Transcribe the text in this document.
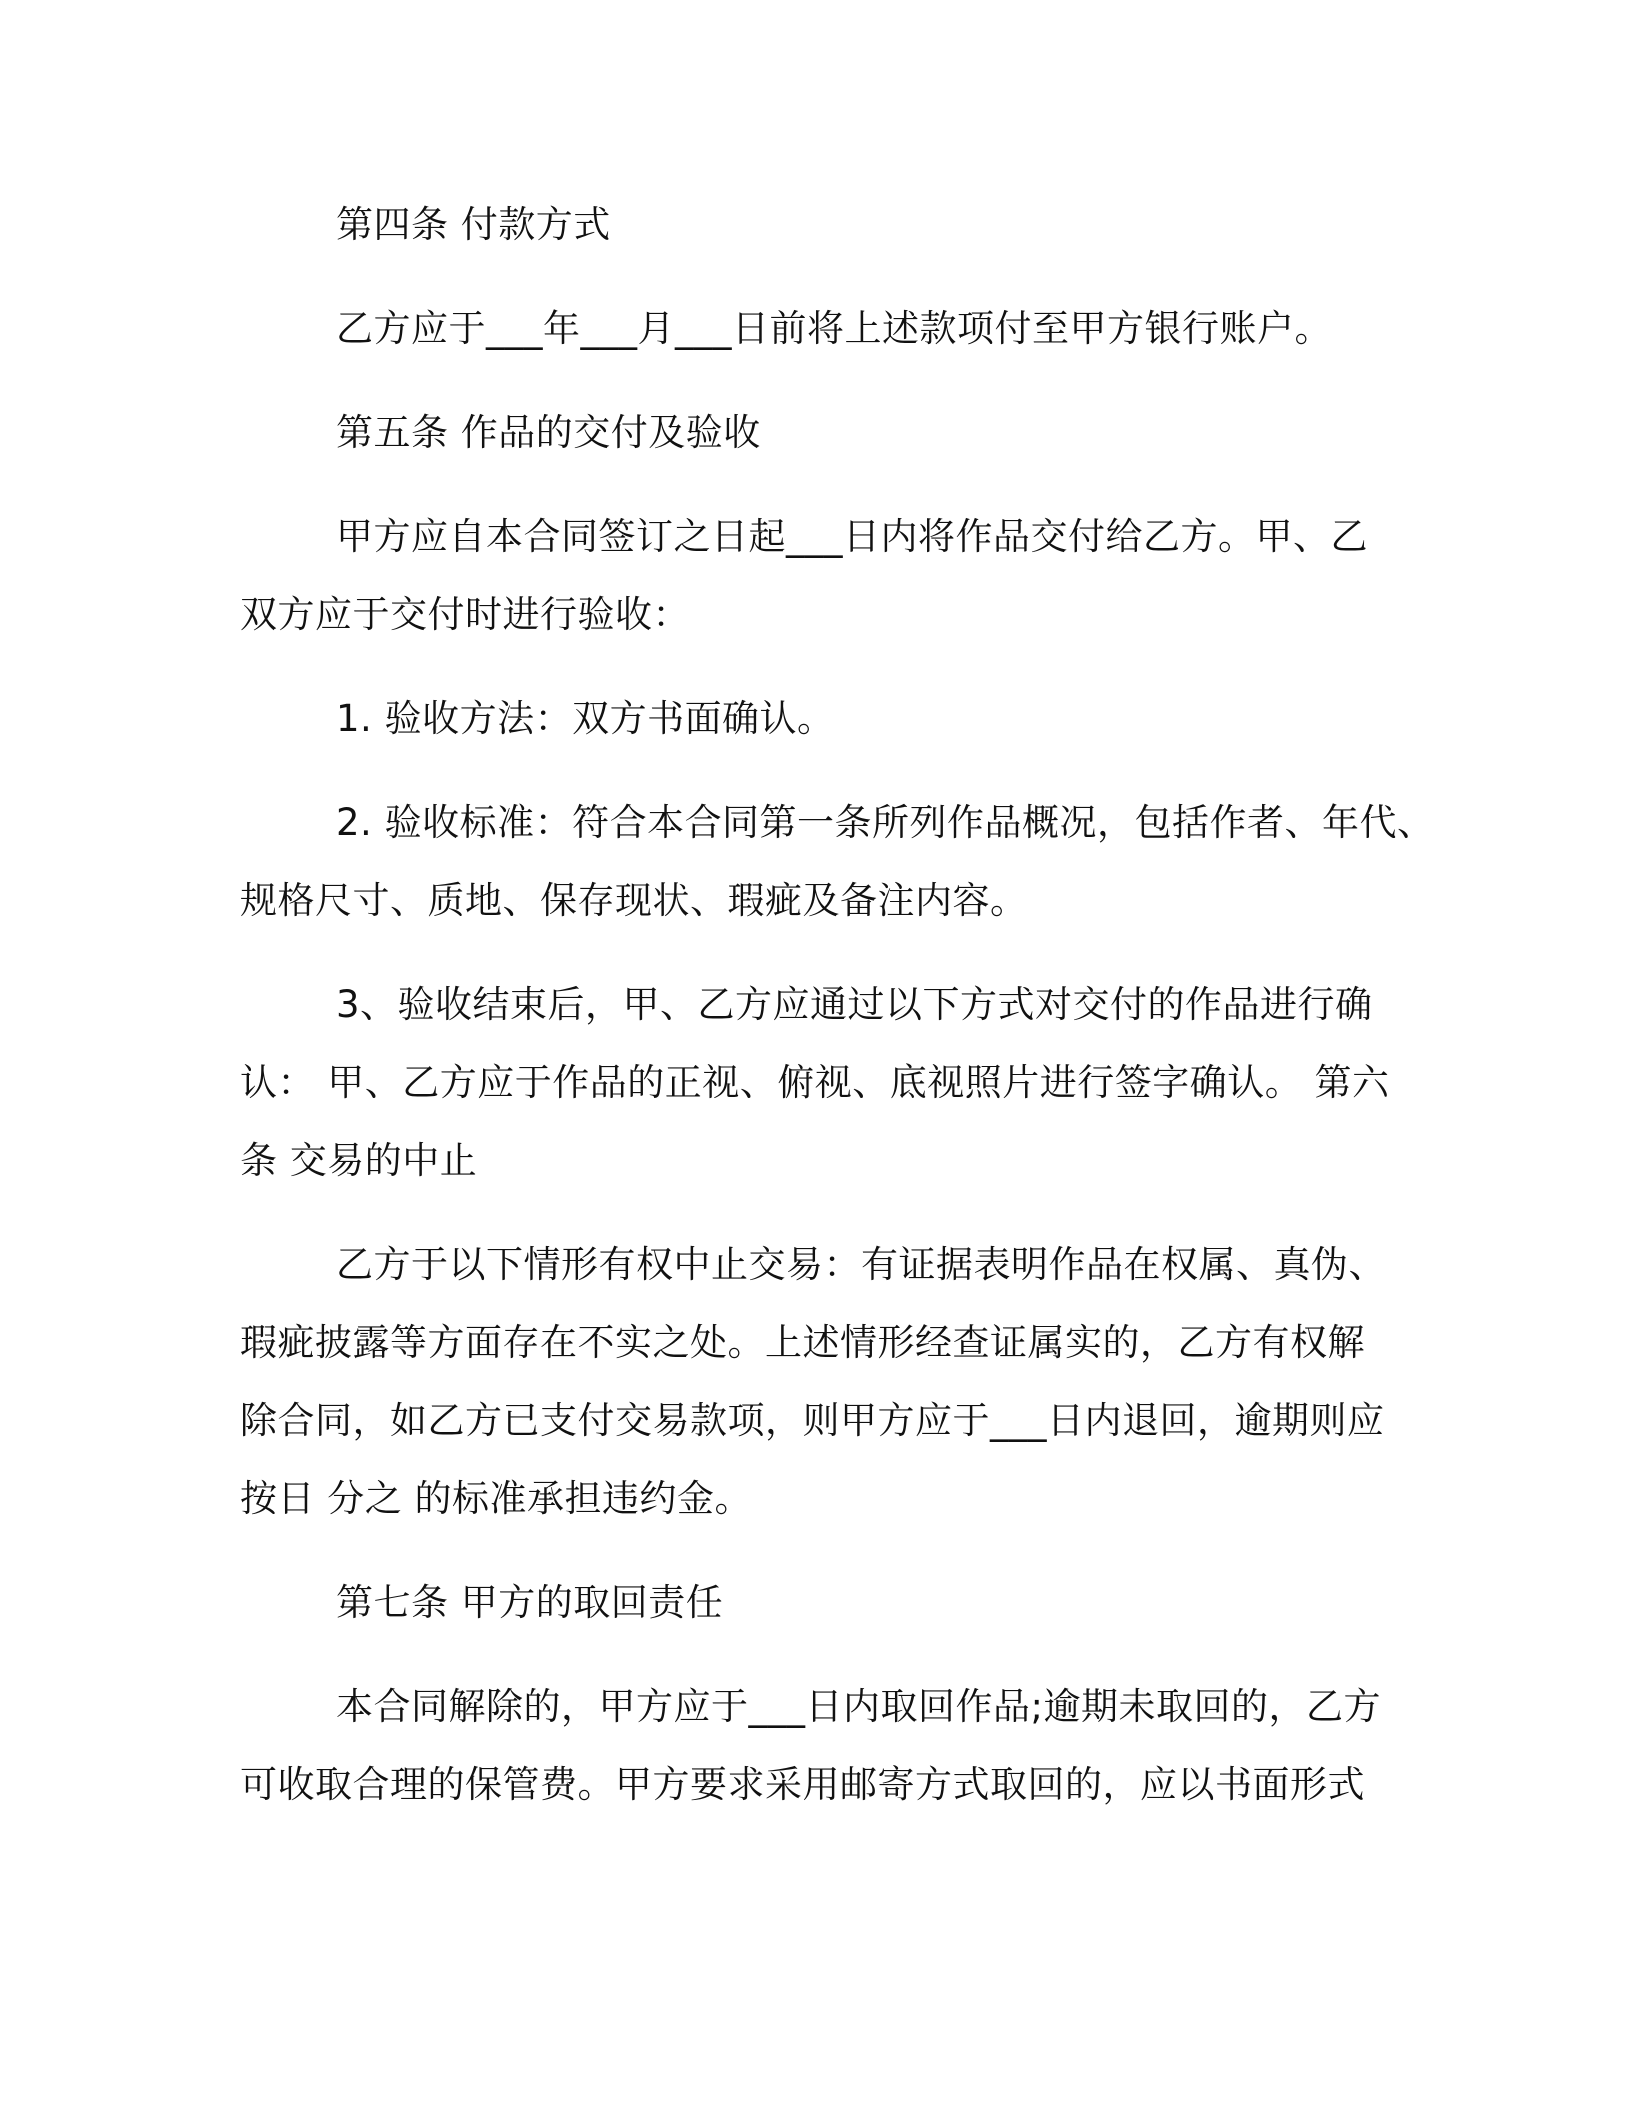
第四条 付款方式
乙方应于___年___月___日前将上述款项付至甲方银行账户。
第五条 作品的交付及验收
甲方应自本合同签订之日起___日内将作品交付给乙方。甲、乙
双方应于交付时进行验收：
1. 验收方法：双方书面确认。
2. 验收标准：符合本合同第一条所列作品概况，包括作者、年代、
规格尺寸、质地、保存现状、瑕疵及备注内容。
3、验收结束后，甲、乙方应通过以下方式对交付的作品进行确
认： 甲、乙方应于作品的正视、俯视、底视照片进行签字确认。 第六
条 交易的中止
乙方于以下情形有权中止交易：有证据表明作品在权属、真伪、
瑕疵披露等方面存在不实之处。上述情形经查证属实的，乙方有权解
除合同，如乙方已支付交易款项，则甲方应于___日内退回，逾期则应
按日 分之 的标准承担违约金。
第七条 甲方的取回责任
本合同解除的，甲方应于___日内取回作品;逾期未取回的，乙方
可收取合理的保管费。甲方要求采用邮寄方式取回的，应以书面形式
